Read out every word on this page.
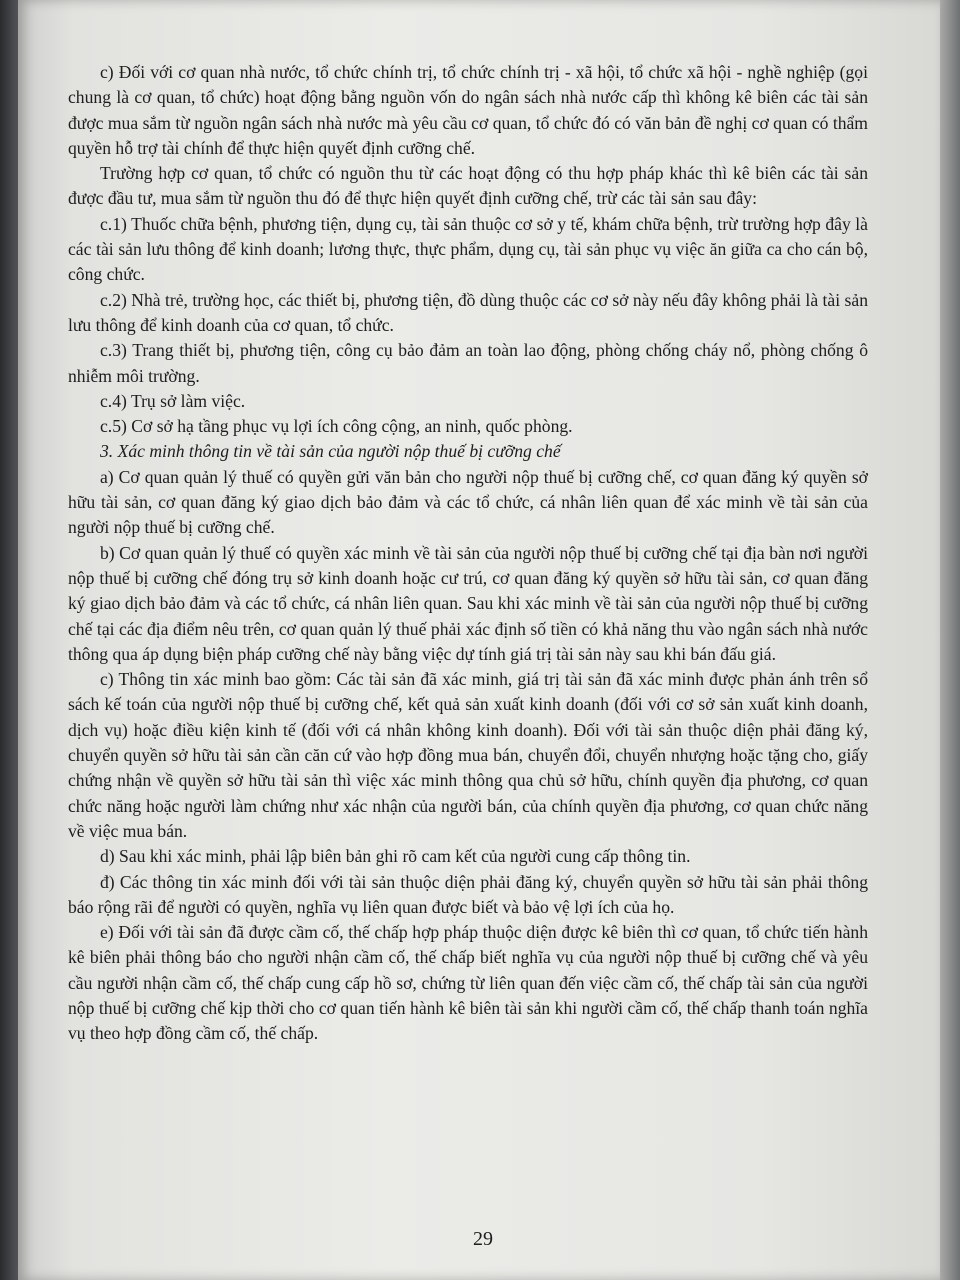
c) Đối với cơ quan nhà nước, tổ chức chính trị, tổ chức chính trị - xã hội, tổ chức xã hội - nghề nghiệp (gọi chung là cơ quan, tổ chức) hoạt động bằng nguồn vốn do ngân sách nhà nước cấp thì không kê biên các tài sản được mua sắm từ nguồn ngân sách nhà nước mà yêu cầu cơ quan, tổ chức đó có văn bản đề nghị cơ quan có thẩm quyền hỗ trợ tài chính để thực hiện quyết định cưỡng chế.

Trường hợp cơ quan, tổ chức có nguồn thu từ các hoạt động có thu hợp pháp khác thì kê biên các tài sản được đầu tư, mua sắm từ nguồn thu đó để thực hiện quyết định cưỡng chế, trừ các tài sản sau đây:

c.1) Thuốc chữa bệnh, phương tiện, dụng cụ, tài sản thuộc cơ sở y tế, khám chữa bệnh, trừ trường hợp đây là các tài sản lưu thông để kinh doanh; lương thực, thực phẩm, dụng cụ, tài sản phục vụ việc ăn giữa ca cho cán bộ, công chức.

c.2) Nhà trẻ, trường học, các thiết bị, phương tiện, đồ dùng thuộc các cơ sở này nếu đây không phải là tài sản lưu thông để kinh doanh của cơ quan, tổ chức.

c.3) Trang thiết bị, phương tiện, công cụ bảo đảm an toàn lao động, phòng chống cháy nổ, phòng chống ô nhiễm môi trường.

c.4) Trụ sở làm việc.

c.5) Cơ sở hạ tầng phục vụ lợi ích công cộng, an ninh, quốc phòng.

3. Xác minh thông tin về tài sản của người nộp thuế bị cưỡng chế

a) Cơ quan quản lý thuế có quyền gửi văn bản cho người nộp thuế bị cưỡng chế, cơ quan đăng ký quyền sở hữu tài sản, cơ quan đăng ký giao dịch bảo đảm và các tổ chức, cá nhân liên quan để xác minh về tài sản của người nộp thuế bị cưỡng chế.

b) Cơ quan quản lý thuế có quyền xác minh về tài sản của người nộp thuế bị cưỡng chế tại địa bàn nơi người nộp thuế bị cưỡng chế đóng trụ sở kinh doanh hoặc cư trú, cơ quan đăng ký quyền sở hữu tài sản, cơ quan đăng ký giao dịch bảo đảm và các tổ chức, cá nhân liên quan. Sau khi xác minh về tài sản của người nộp thuế bị cưỡng chế tại các địa điểm nêu trên, cơ quan quản lý thuế phải xác định số tiền có khả năng thu vào ngân sách nhà nước thông qua áp dụng biện pháp cưỡng chế này bằng việc dự tính giá trị tài sản này sau khi bán đấu giá.

c) Thông tin xác minh bao gồm: Các tài sản đã xác minh, giá trị tài sản đã xác minh được phản ánh trên sổ sách kế toán của người nộp thuế bị cưỡng chế, kết quả sản xuất kinh doanh (đối với cơ sở sản xuất kinh doanh, dịch vụ) hoặc điều kiện kinh tế (đối với cá nhân không kinh doanh). Đối với tài sản thuộc diện phải đăng ký, chuyển quyền sở hữu tài sản cần căn cứ vào hợp đồng mua bán, chuyển đổi, chuyển nhượng hoặc tặng cho, giấy chứng nhận về quyền sở hữu tài sản thì việc xác minh thông qua chủ sở hữu, chính quyền địa phương, cơ quan chức năng hoặc người làm chứng như xác nhận của người bán, của chính quyền địa phương, cơ quan chức năng về việc mua bán.

d) Sau khi xác minh, phải lập biên bản ghi rõ cam kết của người cung cấp thông tin.

đ) Các thông tin xác minh đối với tài sản thuộc diện phải đăng ký, chuyển quyền sở hữu tài sản phải thông báo rộng rãi để người có quyền, nghĩa vụ liên quan được biết và bảo vệ lợi ích của họ.

e) Đối với tài sản đã được cầm cố, thế chấp hợp pháp thuộc diện được kê biên thì cơ quan, tổ chức tiến hành kê biên phải thông báo cho người nhận cầm cố, thế chấp biết nghĩa vụ của người nộp thuế bị cưỡng chế và yêu cầu người nhận cầm cố, thế chấp cung cấp hồ sơ, chứng từ liên quan đến việc cầm cố, thế chấp tài sản của người nộp thuế bị cưỡng chế kịp thời cho cơ quan tiến hành kê biên tài sản khi người cầm cố, thế chấp thanh toán nghĩa vụ theo hợp đồng cầm cố, thế chấp.

29
